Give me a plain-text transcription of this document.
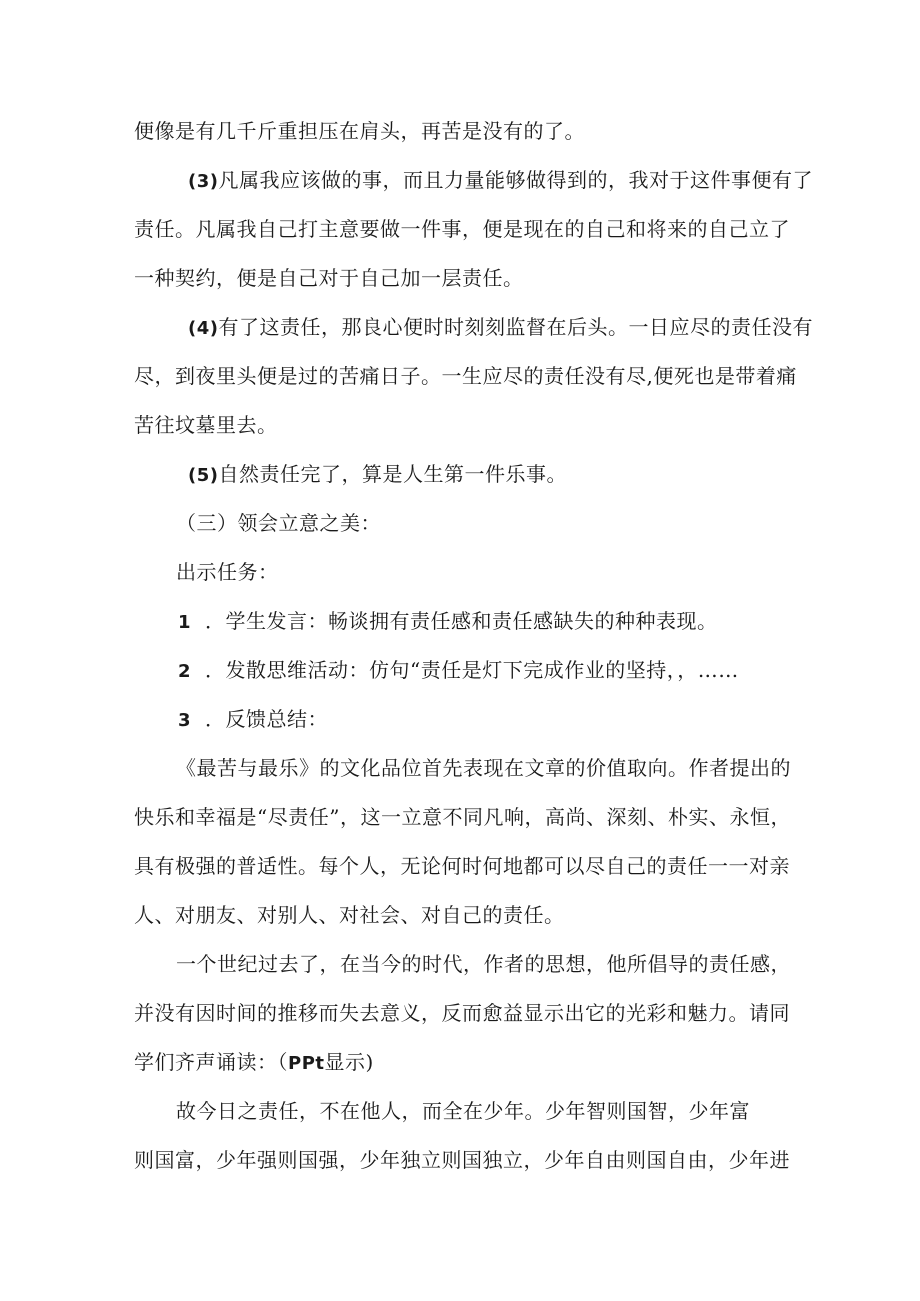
便像是有几千斤重担压在肩头，再苦是没有的了。
(3)凡属我应该做的事，而且力量能够做得到的，我对于这件事便有了
责任。凡属我自己打主意要做一件事，便是现在的自己和将来的自己立了
一种契约，便是自己对于自己加一层责任。
(4)有了这责任，那良心便时时刻刻监督在后头。一日应尽的责任没有
尽，到夜里头便是过的苦痛日子。一生应尽的责任没有尽,便死也是带着痛
苦往坟墓里去。
(5)自然责任完了，算是人生第一件乐事。
（三）领会立意之美：
出示任务：
1 ．学生发言：畅谈拥有责任感和责任感缺失的种种表现。
2 ．发散思维活动：仿句“责任是灯下完成作业的坚持，，……
3 ．反馈总结：
《最苦与最乐》的文化品位首先表现在文章的价值取向。作者提出的
快乐和幸福是“尽责任”，这一立意不同凡响，高尚、深刻、朴实、永恒，
具有极强的普适性。每个人，无论何时何地都可以尽自己的责任一一对亲
人、对朋友、对别人、对社会、对自己的责任。
一个世纪过去了，在当今的时代，作者的思想，他所倡导的责任感，
并没有因时间的推移而失去意义，反而愈益显示出它的光彩和魅力。请同
学们齐声诵读：（PPt显示)
故今日之责任，不在他人，而全在少年。少年智则国智，少年富
则国富，少年强则国强，少年独立则国独立，少年自由则国自由，少年进
